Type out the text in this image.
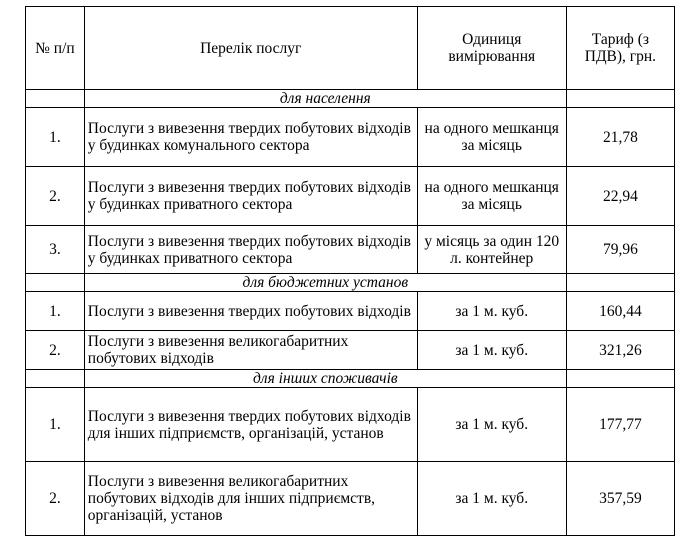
№ п/п	Перелік послуг	Одиниця вимірювання	Тариф (з ПДВ), грн.
	для населення		
1.	Послуги з вивезення твердих побутових відходів у будинках комунального сектора	на одного мешканця за місяць	21,78
2.	Послуги з вивезення твердих побутових відходів у будинках приватного сектора	на одного мешканця за місяць	22,94
3.	Послуги з вивезення твердих побутових відходів у будинках приватного сектора	у місяць за один 120 л. контейнер	79,96
	для бюджетних установ		
1.	Послуги з вивезення твердих побутових відходів	за 1 м. куб.	160,44
2.	Послуги з вивезення великогабаритних побутових відходів	за 1 м. куб.	321,26
	для інших споживачів		
1.	Послуги з вивезення твердих побутових відходів для інших підприємств, організацій, установ	за 1 м. куб.	177,77
2.	Послуги з вивезення великогабаритних побутових відходів для інших підприємств, організацій, установ	за 1 м. куб.	357,59
